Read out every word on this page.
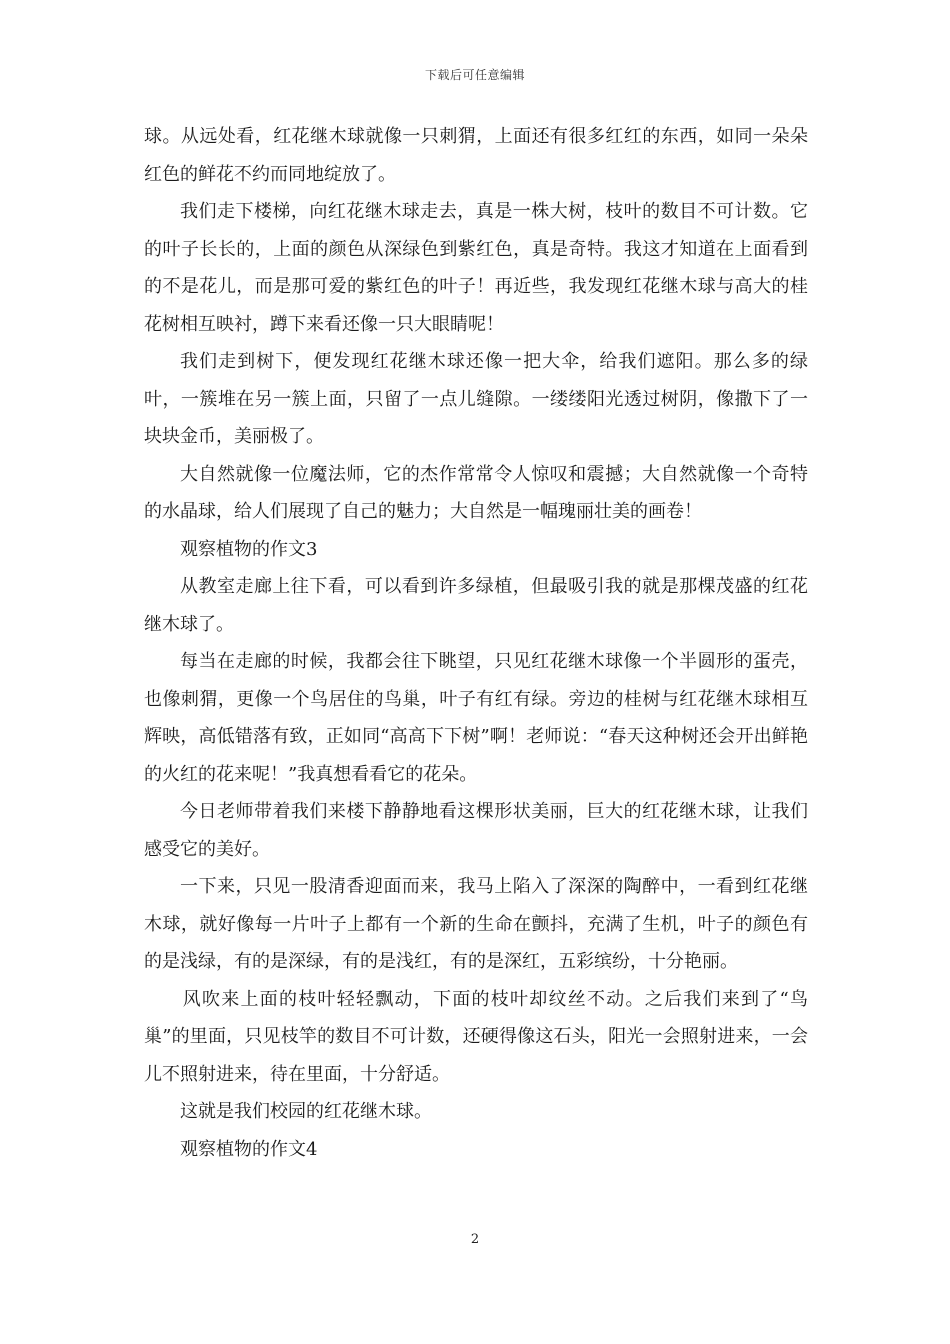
下载后可任意编辑

球。从远处看，红花继木球就像一只刺猬，上面还有很多红红的东西，如同一朵朵红色的鲜花不约而同地绽放了。

我们走下楼梯，向红花继木球走去，真是一株大树，枝叶的数目不可计数。它的叶子长长的，上面的颜色从深绿色到紫红色，真是奇特。我这才知道在上面看到的不是花儿，而是那可爱的紫红色的叶子！再近些，我发现红花继木球与高大的桂花树相互映衬，蹲下来看还像一只大眼睛呢！

我们走到树下，便发现红花继木球还像一把大伞，给我们遮阳。那么多的绿叶，一簇堆在另一簇上面，只留了一点儿缝隙。一缕缕阳光透过树阴，像撒下了一块块金币，美丽极了。

大自然就像一位魔法师，它的杰作常常令人惊叹和震撼；大自然就像一个奇特的水晶球，给人们展现了自己的魅力；大自然是一幅瑰丽壮美的画卷！

观察植物的作文3

从教室走廊上往下看，可以看到许多绿植，但最吸引我的就是那棵茂盛的红花继木球了。

每当在走廊的时候，我都会往下眺望，只见红花继木球像一个半圆形的蛋壳，也像刺猬，更像一个鸟居住的鸟巢，叶子有红有绿。旁边的桂树与红花继木球相互辉映，高低错落有致，正如同“高高下下树”啊！老师说：“春天这种树还会开出鲜艳的火红的花来呢！”我真想看看它的花朵。

今日老师带着我们来楼下静静地看这棵形状美丽，巨大的红花继木球，让我们感受它的美好。

一下来，只见一股清香迎面而来，我马上陷入了深深的陶醉中，一看到红花继木球，就好像每一片叶子上都有一个新的生命在颤抖，充满了生机，叶子的颜色有的是浅绿，有的是深绿，有的是浅红，有的是深红，五彩缤纷，十分艳丽。

风吹来上面的枝叶轻轻飘动，下面的枝叶却纹丝不动。之后我们来到了“鸟巢”的里面，只见枝竿的数目不可计数，还硬得像这石头，阳光一会照射进来，一会儿不照射进来，待在里面，十分舒适。

这就是我们校园的红花继木球。

观察植物的作文4

2
